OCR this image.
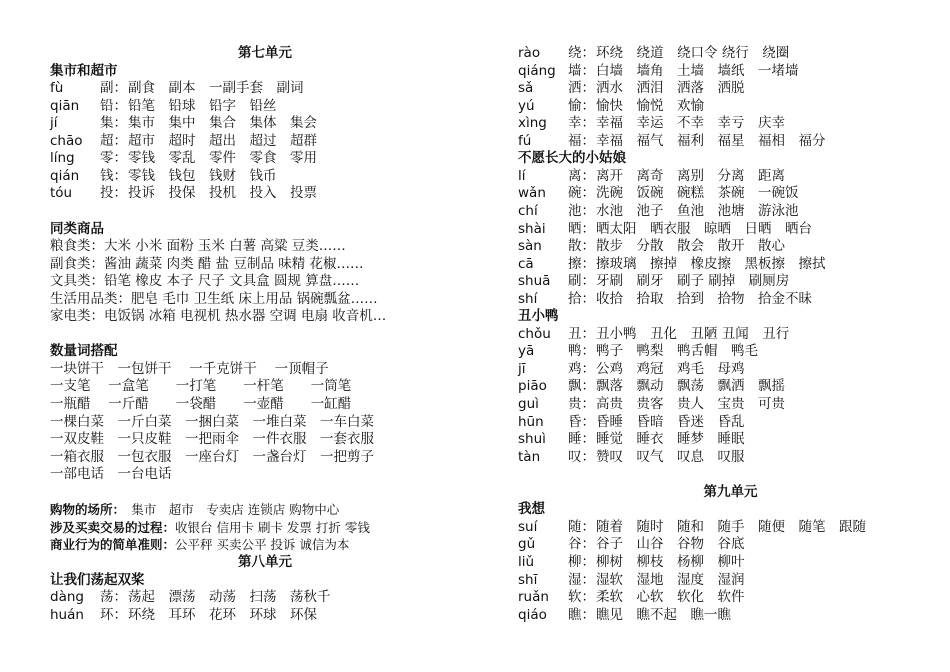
第七单元
集市和超市
fù	副：副食　副本　一副手套　副词
qiān 铅：铅笔　铅球　铅字　铅丝
jí	集：集市　集中　集合　集体　集会
chāo 超：超市　超时　超出　超过　超群
líng 零：零钱　零乱　零件　零食　零用
qián 钱：零钱　钱包　钱财　钱币
tóu 投：投诉　投保　投机　投入　投票
同类商品
粮食类：大米 小米 面粉 玉米 白薯 高粱 豆类……
副食类：酱油 蔬菜 肉类 醋 盐 豆制品 味精 花椒……
文具类：铅笔 橡皮 本子 尺子 文具盒 圆规 算盘……
生活用品类：肥皂 毛巾 卫生纸 床上用品 锅碗瓢盆……
家电类：电饭锅 冰箱 电视机 热水器 空调 电扇 收音机…
数量词搭配
一块饼干　一包饼干　 一千克饼干　 一顶帽子
一支笔　 一盒笔　　一打笔　　一杆笔　　一筒笔
一瓶醋　 一斤醋　　一袋醋　　一壶醋　　一缸醋
一棵白菜　一斤白菜　一捆白菜　一堆白菜　一车白菜
一双皮鞋　一只皮鞋　一把雨伞　一件衣服　一套衣服
一箱衣服　一包衣服　一座台灯　一盏台灯　一把剪子
一部电话　一台电话
购物的场所：　集市　超市　专卖店 连锁店 购物中心
涉及买卖交易的过程：收银台 信用卡 刷卡 发票 打折 零钱
商业行为的简单准则：公平秤 买卖公平 投诉 诚信为本
第八单元
让我们荡起双桨
dàng 荡：荡起　漂荡　动荡　扫荡　荡秋千
huán 环：环绕　耳环　花环　环球　环保
rào 绕：环绕　绕道　绕口令 绕行　绕圈
qiáng 墙：白墙　墙角　土墙　墙纸　一堵墙
sǎ	洒：洒水　洒泪　洒落　洒脱
yú 愉：愉快　愉悦　欢愉
xìng 幸：幸福　幸运　不幸　幸亏　庆幸
fú	福：幸福　福气　福利　福星　福相　福分
不愿长大的小姑娘
lí	离：离开　离奇　离别　分离　距离
wǎn 碗：洗碗　饭碗　碗糕　茶碗　一碗饭
chí 池：水池　池子　鱼池　池塘　游泳池
shài 晒：晒太阳　晒衣服　晾晒　日晒　晒台
sàn 散：散步　分散　散会　散开　散心
cā	擦：擦玻璃　擦掉　橡皮擦　黑板擦　擦拭
shuā 刷：牙刷　刷牙　刷子 刷掉　刷厕房
shí 拾：收拾　拾取　拾到　拾物　拾金不昧
丑小鸭
chǒu 丑：丑小鸭　丑化　丑陋 丑闻　丑行
yā 鸭：鸭子　鸭梨　鸭舌帽　鸭毛
jī	鸡：公鸡　鸡冠　鸡毛　母鸡
piāo 飘：飘落　飘动　飘荡　飘洒　飘摇
guì 贵：高贵　贵客　贵人　宝贵　可贵
hūn 昏：昏睡　昏暗　昏迷　昏乱
shuì 睡：睡觉　睡衣　睡梦　睡眠
tàn 叹：赞叹　叹气　叹息　叹服
第九单元
我想
suí 随：随着　随时　随和　随手　随便　随笔　跟随
gǔ 谷：谷子　山谷　谷物　谷底
liǔ	柳：柳树　柳枝　杨柳　柳叶
shī 湿：湿软　湿地　湿度　湿润
ruǎn 软：柔软　心软　软化　软件
qiáo 瞧：瞧见　瞧不起　瞧一瞧
